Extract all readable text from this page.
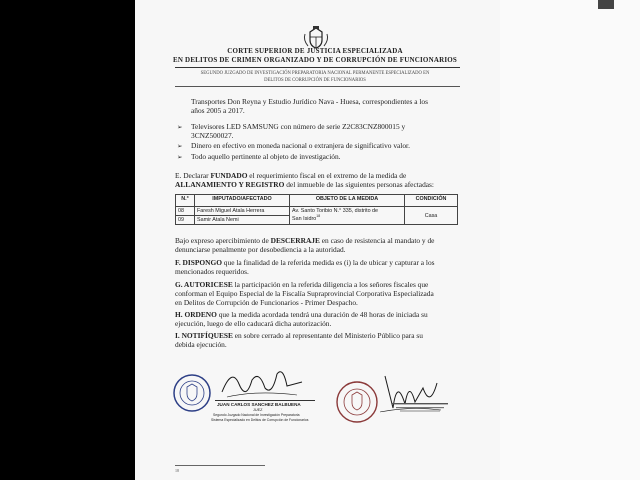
CORTE SUPERIOR DE JUSTICIA ESPECIALIZADA
EN DELITOS DE CRIMEN ORGANIZADO Y DE CORRUPCIÓN DE FUNCIONARIOS
SEGUNDO JUZGADO DE INVESTIGACIÓN PREPARATORIA NACIONAL PERMANENTE ESPECIALIZADO EN
DELITOS DE CORRUPCIÓN DE FUNCIONARIOS
Transportes Don Reyna y Estudio Jurídico Nava - Huesa, correspondientes a los
años 2005 a 2017.
➢ Televisores LED SAMSUNG con número de serie Z2C83CNZ800015 y
3CNZ500027.
➢ Dinero en efectivo en moneda nacional o extranjera de significativo valor.
➢ Todo aquello pertinente al objeto de investigación.
E. Declarar FUNDADO el requerimiento fiscal en el extremo de la medida de
ALLANAMIENTO Y REGISTRO del inmueble de las siguientes personas afectadas:
N.°	IMPUTADO/AFECTADO	OBJETO DE LA MEDIDA	CONDICIÓN
08	Faresh Miguel Atala Herrera	Av. Santo Toribio N.° 335, distrito de
San Isidro$^{18}$	Casa
09	Samir Atala Nemi		
Bajo expreso apercibimiento de DESCERRAJE en caso de resistencia al mandato y de
denunciarse penalmente por desobediencia a la autoridad.
F. DISPONGO que la finalidad de la referida medida es (i) la de ubicar y capturar a los
mencionados requeridos.
G. AUTORICESE la participación en la referida diligencia a los señores fiscales que
conforman el Equipo Especial de la Fiscalía Supraprovincial Corporativa Especializada
en Delitos de Corrupción de Funcionarios - Primer Despacho.
H. ORDENO que la medida acordada tendrá una duración de 48 horas de iniciada su
ejecución, luego de ello caducará dicha autorización.
I. NOTIFÍQUESE en sobre cerrado al representante del Ministerio Público para su
debida ejecución.
JUAN CARLOS SANCHEZ BALBUENA
JUEZ
Segundo Juzgado Nacional de Investigación Preparatoria
Sistema Especializado en Delitos de Corrupción de Funcionarios
18
